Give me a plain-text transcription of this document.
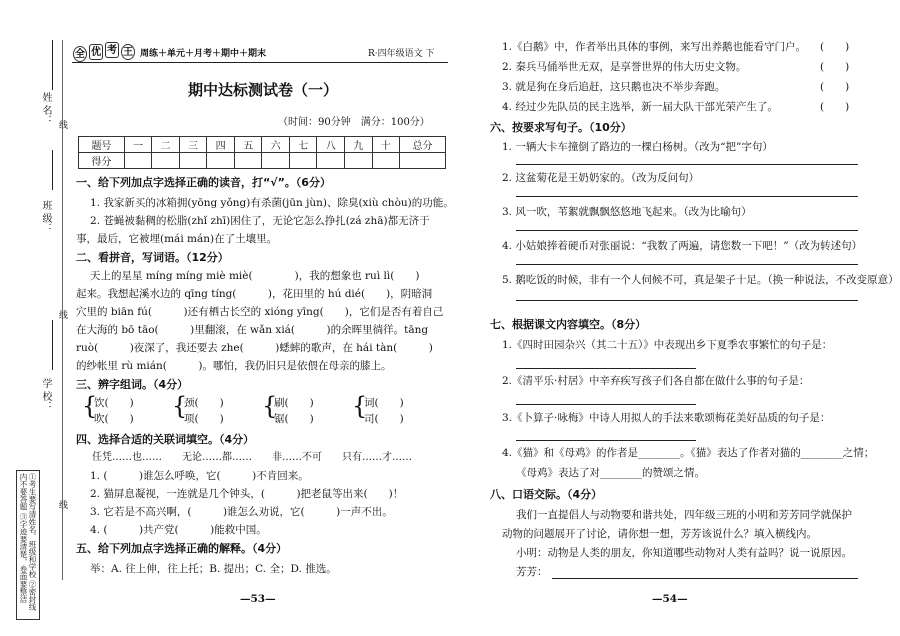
姓 名： 线
班 级：
线
学 校：
线
①考生要写清姓名、班级和学校 ②密封线内不要答题 ③字迹要清楚，卷面要整洁
全 优 考 王 周练＋单元＋月考＋期中＋期末	R·四年级语文 下
期中达标测试卷（一）
（时间：90分钟　满分：100分）
题号	一	二	三	四	五	六	七	八	九	十	总分
得分											
一、给下列加点字选择正确的读音，打“√”。（6分）
1. 我家新买的冰箱拥(yōng yǒng)有杀菌(jūn jùn)、除臭(xiù chòu)的功能。
2. 苍蝇被黏稠的松脂(zhǐ zhī)困住了，无论它怎么挣扎(zá zhā)都无济于
事，最后，它被埋(mái mán)在了土壤里。
二、看拼音，写词语。（12分）
天上的星星 míng míng miè miè(　　　　)，我的想象也 ruì lì(　　)
起来。我想起溪水边的 qīng tíng(　　　)，花田里的 hú dié(　　)，阴暗洞
穴里的 biān fú(　　　)还有栖古长空的 xióng yīng(　　)，它们是否有着自己
在大海的 bō tāo(　　　)里翻滚，在 wǎn xiá(　　　)的余晖里徜徉。tāng
ruò(　　　)夜深了，我还要去 zhe(　　　)蟋蟀的歌声，在 hái tàn(　　　)
的纱帐里 rù mián(　　　)。哪怕，我仍旧只是依偎在母亲的膝上。
三、辨字组词。（4分）
{
饮(　　)
吹(　　) {
颈(　　)
项(　　) {
刷(　　)
锯(　　) {
词(　　)
司(　　)
四、选择合适的关联词填空。（4分）
任凭……也……　　无论……都……　　非……不可　　只有……才……
1. (　　　)谁怎么呼唤，它(　　　)不肯回来。
2. 猫屏息凝视，一连就是几个钟头，(　　　)把老鼠等出来(　　)！
3. 它若是不高兴啊，(　　　)谁怎么劝说，它(　　　)一声不出。
4. (　　　)共产党(　　　)能救中国。
五、给下列加点字选择正确的解释。（4分）
举：A. 往上伸，往上托；B. 提出；C. 全；D. 推选。
—53—
1.《白鹅》中，作者举出具体的事例，来写出养鹅也能看守门户。 (　　)
2. 秦兵马俑举世无双，是享誉世界的伟大历史文物。	(　　)
3. 就是狗在身后追赶，这只鹅也决不举步奔跑。	(　　)
4. 经过少先队员的民主选举，新一届大队干部光荣产生了。	(　　)
六、按要求写句子。（10分）
1. 一辆大卡车撞倒了路边的一棵白杨树。（改为“把”字句）
2. 这盆菊花是王奶奶家的。（改为反问句）
3. 风一吹，苇絮就飘飘悠悠地飞起来。（改为比喻句）
4. 小姑娘捧着硬币对张丽说：“我数了两遍，请您数一下吧！”（改为转述句）
5. 鹅吃饭的时候，非有一个人伺候不可，真是架子十足。（换一种说法，不改变原意）
七、根据课文内容填空。（8分）
1.《四时田园杂兴（其二十五）》中表现出乡下夏季农事繁忙的句子是：
2.《清平乐·村居》中辛弃疾写孩子们各自都在做什么事的句子是：
3.《卜算子·咏梅》中诗人用拟人的手法来歌颂梅花美好品质的句子是：
4.《猫》和《母鸡》的作者是________。《猫》表达了作者对猫的________之情；
《母鸡》表达了对________的赞颂之情。
八、口语交际。（4分）
我们一直提倡人与动物要和谐共处，四年级三班的小明和芳芳同学就保护
动物的问题展开了讨论，请你想一想，芳芳该说什么？填入横线内。
小明：动物是人类的朋友，你知道哪些动物对人类有益吗？说一说原因。
芳芳：
—54—
